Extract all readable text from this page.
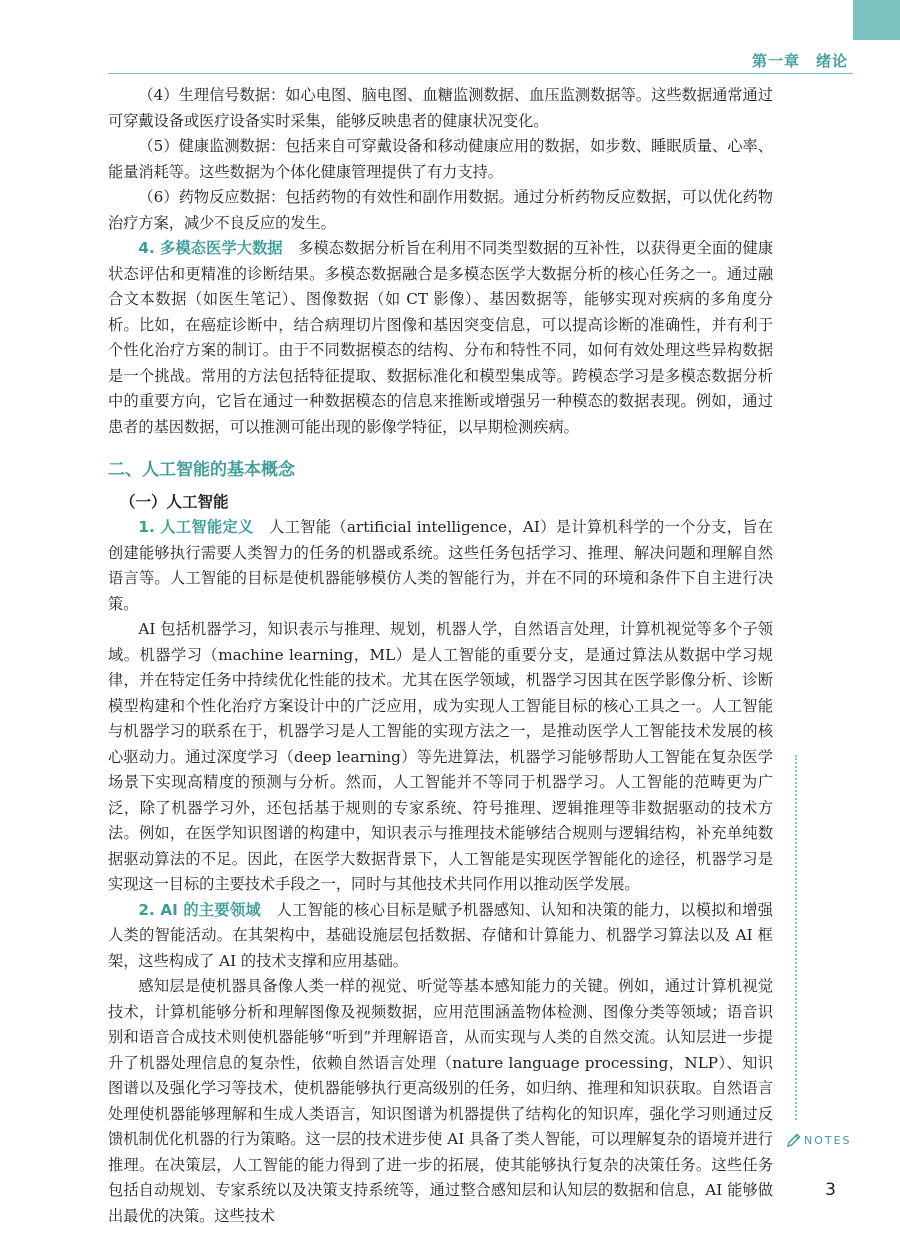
第一章　绪论

（4）生理信号数据：如心电图、脑电图、血糖监测数据、血压监测数据等。这些数据通常通过可穿戴设备或医疗设备实时采集，能够反映患者的健康状况变化。

（5）健康监测数据：包括来自可穿戴设备和移动健康应用的数据，如步数、睡眠质量、心率、能量消耗等。这些数据为个体化健康管理提供了有力支持。

（6）药物反应数据：包括药物的有效性和副作用数据。通过分析药物反应数据，可以优化药物治疗方案，减少不良反应的发生。

4. 多模态医学大数据　多模态数据分析旨在利用不同类型数据的互补性，以获得更全面的健康状态评估和更精准的诊断结果。多模态数据融合是多模态医学大数据分析的核心任务之一。通过融合文本数据（如医生笔记）、图像数据（如 CT 影像）、基因数据等，能够实现对疾病的多角度分析。比如，在癌症诊断中，结合病理切片图像和基因突变信息，可以提高诊断的准确性，并有利于个性化治疗方案的制订。由于不同数据模态的结构、分布和特性不同，如何有效处理这些异构数据是一个挑战。常用的方法包括特征提取、数据标准化和模型集成等。跨模态学习是多模态数据分析中的重要方向，它旨在通过一种数据模态的信息来推断或增强另一种模态的数据表现。例如，通过患者的基因数据，可以推测可能出现的影像学特征，以早期检测疾病。

二、人工智能的基本概念
（一）人工智能

1. 人工智能定义　人工智能（artificial intelligence，AI）是计算机科学的一个分支，旨在创建能够执行需要人类智力的任务的机器或系统。这些任务包括学习、推理、解决问题和理解自然语言等。人工智能的目标是使机器能够模仿人类的智能行为，并在不同的环境和条件下自主进行决策。

AI 包括机器学习，知识表示与推理、规划，机器人学，自然语言处理，计算机视觉等多个子领域。机器学习（machine learning，ML）是人工智能的重要分支，是通过算法从数据中学习规律，并在特定任务中持续优化性能的技术。尤其在医学领域，机器学习因其在医学影像分析、诊断模型构建和个性化治疗方案设计中的广泛应用，成为实现人工智能目标的核心工具之一。人工智能与机器学习的联系在于，机器学习是人工智能的实现方法之一，是推动医学人工智能技术发展的核心驱动力。通过深度学习（deep learning）等先进算法，机器学习能够帮助人工智能在复杂医学场景下实现高精度的预测与分析。然而，人工智能并不等同于机器学习。人工智能的范畴更为广泛，除了机器学习外，还包括基于规则的专家系统、符号推理、逻辑推理等非数据驱动的技术方法。例如，在医学知识图谱的构建中，知识表示与推理技术能够结合规则与逻辑结构，补充单纯数据驱动算法的不足。因此，在医学大数据背景下，人工智能是实现医学智能化的途径，机器学习是实现这一目标的主要技术手段之一，同时与其他技术共同作用以推动医学发展。

2. AI 的主要领域　人工智能的核心目标是赋予机器感知、认知和决策的能力，以模拟和增强人类的智能活动。在其架构中，基础设施层包括数据、存储和计算能力、机器学习算法以及 AI 框架，这些构成了 AI 的技术支撑和应用基础。

感知层是使机器具备像人类一样的视觉、听觉等基本感知能力的关键。例如，通过计算机视觉技术，计算机能够分析和理解图像及视频数据，应用范围涵盖物体检测、图像分类等领域；语音识别和语音合成技术则使机器能够“听到”并理解语音，从而实现与人类的自然交流。认知层进一步提升了机器处理信息的复杂性，依赖自然语言处理（nature language processing，NLP）、知识图谱以及强化学习等技术，使机器能够执行更高级别的任务，如归纳、推理和知识获取。自然语言处理使机器能够理解和生成人类语言，知识图谱为机器提供了结构化的知识库，强化学习则通过反馈机制优化机器的行为策略。这一层的技术进步使 AI 具备了类人智能，可以理解复杂的语境并进行推理。在决策层，人工智能的能力得到了进一步的拓展，使其能够执行复杂的决策任务。这些任务包括自动规划、专家系统以及决策支持系统等，通过整合感知层和认知层的数据和信息，AI 能够做出最优的决策。这些技术

NOTES
3
